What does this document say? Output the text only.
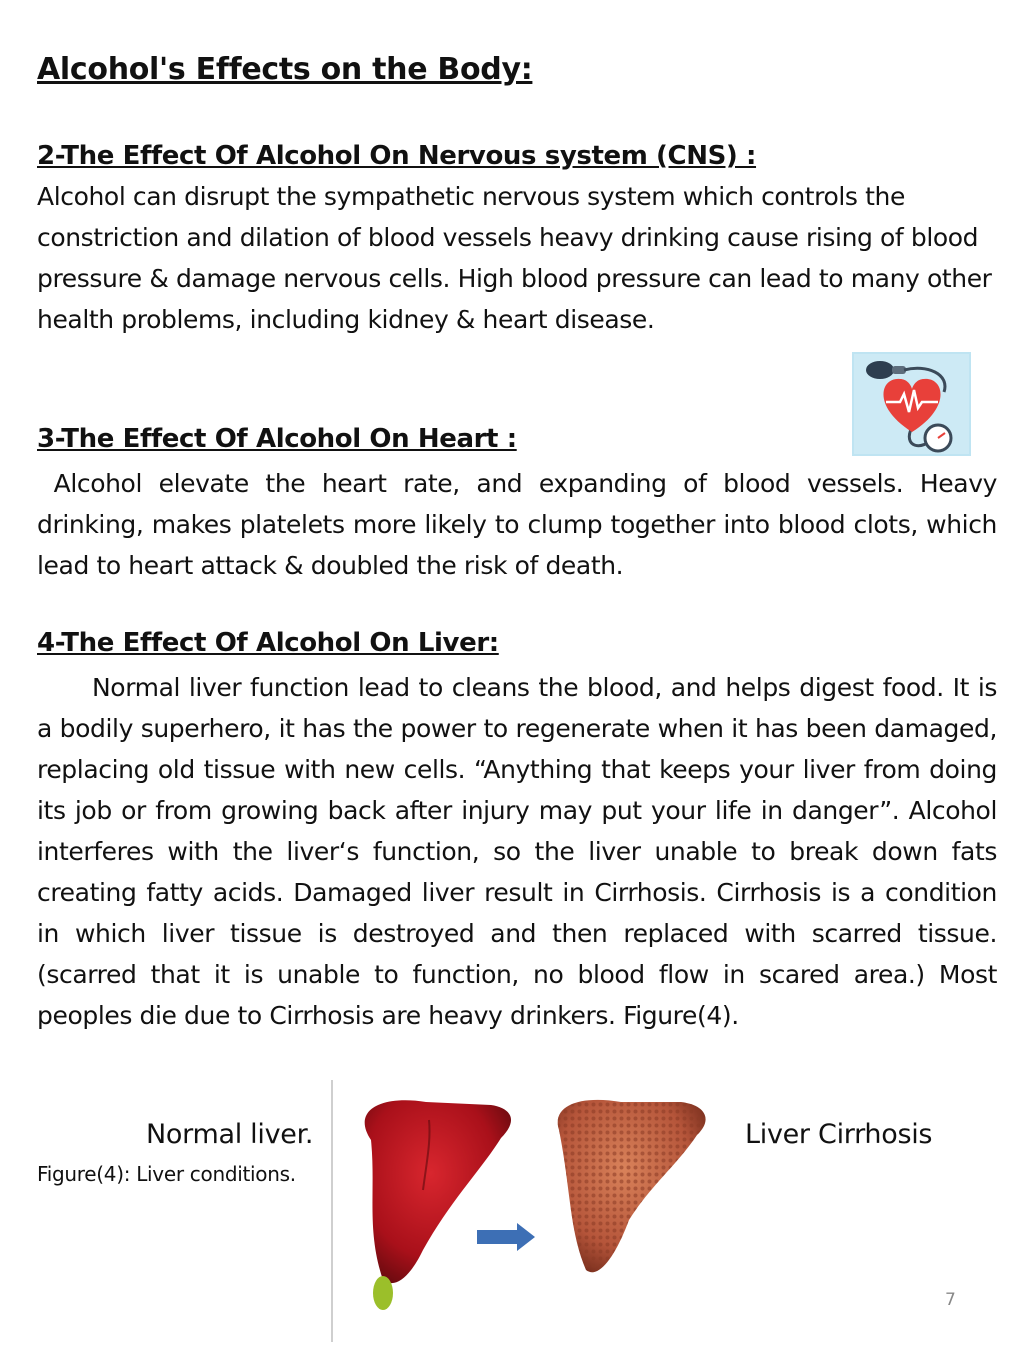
Alcohol's Effects on the Body:
2-The Effect Of Alcohol On Nervous system (CNS) :

Alcohol can disrupt the sympathetic nervous system which controls the constriction and dilation of blood vessels heavy drinking cause rising of blood pressure & damage nervous cells. High blood pressure can lead to many other health problems, including kidney & heart disease.

3-The Effect Of Alcohol On Heart :

Alcohol elevate the heart rate, and expanding of blood vessels. Heavy drinking, makes platelets more likely to clump together into blood clots, which lead to heart attack & doubled the risk of death.

4-The Effect Of Alcohol On Liver:

Normal liver function lead to cleans the blood, and helps digest food. It is a bodily superhero, it has the power to regenerate when it has been damaged, replacing old tissue with new cells. “Anything that keeps your liver from doing its job or from growing back after injury may put your life in danger”. Alcohol interferes with the liver‘s function, so the liver unable to break down fats creating fatty acids. Damaged liver result in Cirrhosis. Cirrhosis is a condition in which liver tissue is destroyed and then replaced with scarred tissue. (scarred that it is unable to function, no blood flow in scared area.) Most peoples die due to Cirrhosis are heavy drinkers. Figure(4).

Normal liver.	Liver Cirrhosis
Figure(4): Liver conditions.
7
